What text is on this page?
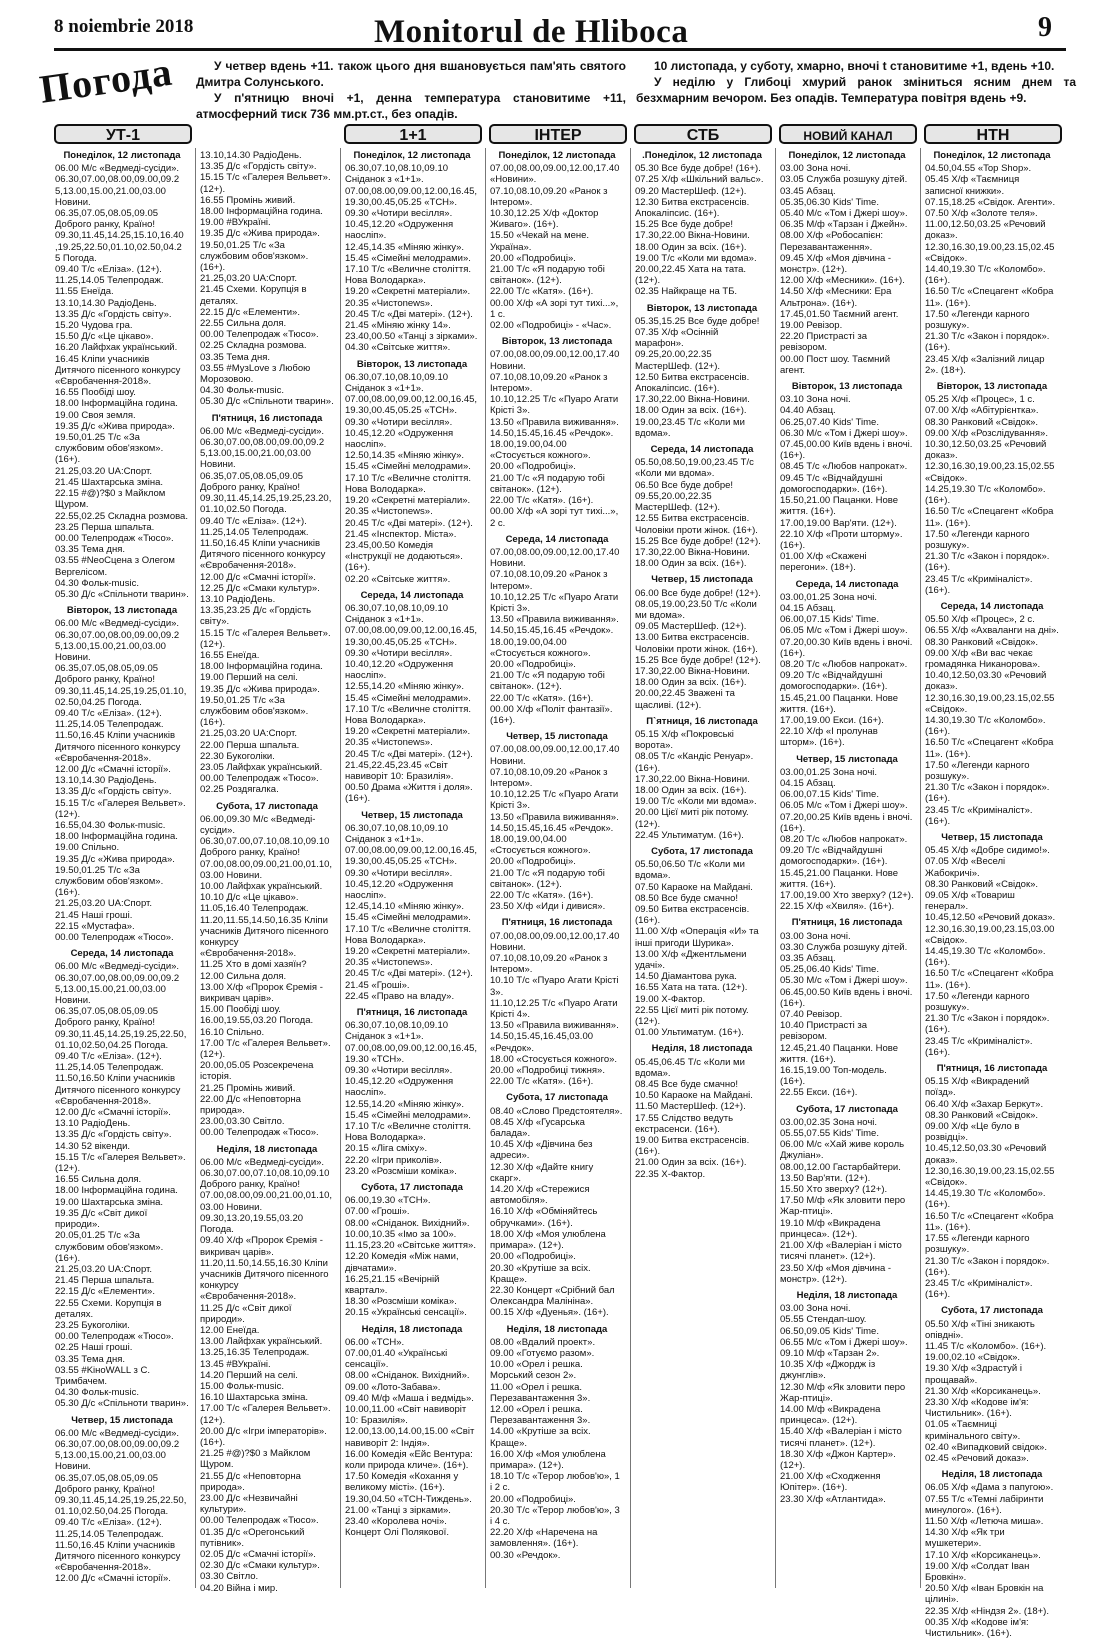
8 noiembrie 2018	Monitorul de Hliboca	9
Погода	У четвер вдень +11. також цього дня вшановується пам'ять святого Дмитра Солунського.

У п'ятницю вночі +1, денна температура становитиме +11, атмосферний тиск 736 мм.рт.ст., без опадів.

10 листопада, у суботу, хмарно, вночі t становитиме +1, вдень +10.

У неділю у Глибоці хмурий ранок зміниться ясним днем та безхмарним вечором. Без опадів. Температура повітря вдень +9.

УТ-1
Понеділок, 12 листопада

06.00 М/с «Ведмеді-сусіди».

06.30,07.00,08.00,09.00,09.2 5,13.00,15.00,21.00,03.00 Новини.

06.35,07.05,08.05,09.05 Доброго ранку, Країно!

09.30,11.45,14.25,15.10,16.40 ,19.25,22.50,01.10,02.50,04.2 5 Погода.

09.40 Т/с «Еліза». (12+).

11.25,14.05 Телепродаж.

11.55 Енеїда.

13.10,14.30 РадіоДень.

13.35 Д/с «Гордість світу».

15.20 Чудова гра.

15.50 Д/с «Це цікаво».

16.20 Лайфхак український.

16.45 Кліпи учасників Дитячого пісенного конкурсу «Євробачення-2018».

16.55 Пообіді шоу.

18.00 Інформаційна година.

19.00 Своя земля.

19.35 Д/с «Жива природа».

19.50,01.25 Т/с «За службовим обов'язком». (16+).

21.25,03.20 UA:Спорт.

21.45 Шахтарська зміна.

22.15 #@)?$0 з Майклом Щуром.

22.55,02.25 Складна розмова.

23.25 Перша шпальта.

00.00 Телепродаж «Тюсо».

03.35 Тема дня.

03.55 #NeoСцена з Олегом Вергелісом.

04.30 Фольк-music.

05.30 Д/с «Спільноти тварин».

Вівторок, 13 листопада

06.00 М/с «Ведмеді-сусіди».

06.30,07.00,08.00,09.00,09.2 5,13.00,15.00,21.00,03.00 Новини.

06.35,07.05,08.05,09.05 Доброго ранку, Країно!

09.30,11.45,14.25,19.25,01.10, 02.50,04.25 Погода.

09.40 Т/с «Еліза». (12+).

11.25,14.05 Телепродаж.

11.50,16.45 Кліпи учасників Дитячого пісенного конкурсу «Євробачення-2018».

12.00 Д/с «Смачні історії».

13.10,14.30 РадіоДень.

13.35 Д/с «Гордість світу».

15.15 Т/с «Галерея Вельвет». (12+).

16.55,04.30 Фольк-music.

18.00 Інформаційна година.

19.00 Спільно.

19.35 Д/с «Жива природа».

19.50,01.25 Т/с «За службовим обов'язком». (16+).

21.25,03.20 UA:Спорт.

21.45 Наші гроші.

22.15 «Мустафа».

00.00 Телепродаж «Тюсо».

Середа, 14 листопада

06.00 М/с «Ведмеді-сусіди».

06.30,07.00,08.00,09.00,09.2 5,13.00,15.00,21.00,03.00 Новини.

06.35,07.05,08.05,09.05 Доброго ранку, Країно!

09.30,11.45,14.25,19.25,22.50, 01.10,02.50,04.25 Погода.

09.40 Т/с «Еліза». (12+).

11.25,14.05 Телепродаж.

11.50,16.50 Кліпи учасників Дитячого пісенного конкурсу «Євробачення-2018».

12.00 Д/с «Смачні історії».

13.10 РадіоДень.

13.35 Д/с «Гордість світу».

14.30 52 вікенди.

15.15 Т/с «Галерея Вельвет». (12+).

16.55 Сильна доля.

18.00 Інформаційна година.

19.00 Шахтарська зміна.

19.35 Д/с «Світ дикої природи».

20.05,01.25 Т/с «За службовим обов'язком». (16+).

21.25,03.20 UA:Спорт.

21.45 Перша шпальта.

22.15 Д/с «Елементи».

22.55 Схеми. Корупція в деталях.

23.25 Букоголіки.

00.00 Телепродаж «Тюсо».

02.25 Наші гроші.

03.35 Тема дня.

03.55 #KiноWALL з С. Тримбачем.

04.30 Фольк-music.

05.30 Д/с «Спільноти тварин».

Четвер, 15 листопада

06.00 М/с «Ведмеді-сусіди».

06.30,07.00,08.00,09.00,09.2 5,13.00,15.00,21.00,03.00 Новини.

06.35,07.05,08.05,09.05 Доброго ранку, Країно!

09.30,11.45,14.25,19.25,22.50, 01.10,02.50,04.25 Погода.

09.40 Т/с «Еліза». (12+).

11.25,14.05 Телепродаж.

11.50,16.45 Кліпи учасників Дитячого пісенного конкурсу «Євробачення-2018».

12.00 Д/с «Смачні історії».

13.10,14.30 РадіоДень.

13.35 Д/с «Гордість світу».

15.15 Т/с «Галерея Вельвет». (12+).

16.55 Промінь живий.

18.00 Інформаційна година.

19.00 #ВУкраїні.

19.35 Д/с «Жива природа».

19.50,01.25 Т/с «За службовим обов'язком». (16+).

21.25,03.20 UA:Спорт.

21.45 Схеми. Корупція в деталях.

22.15 Д/с «Елементи».

22.55 Сильна доля.

00.00 Телепродаж «Тюсо».

02.25 Складна розмова.

03.35 Тема дня.

03.55 #МузLove з Любою Морозовою.

04.30 Фольк-music.

05.30 Д/с «Спільноти тварин».

П'ятниця, 16 листопада

06.00 М/с «Ведмеді-сусіди».

06.30,07.00,08.00,09.00,09.2 5,13.00,15.00,21.00,03.00 Новини.

06.35,07.05,08.05,09.05 Доброго ранку, Країно!

09.30,11.45,14.25,19.25,23.20, 01.10,02.50 Погода.

09.40 Т/с «Еліза». (12+).

11.25,14.05 Телепродаж.

11.50,16.45 Кліпи учасників Дитячого пісенного конкурсу «Євробачення-2018».

12.00 Д/с «Смачні історії».

12.25 Д/с «Смаки культур».

13.10 РадіоДень.

13.35,23.25 Д/с «Гордість світу».

15.15 Т/с «Галерея Вельвет». (12+).

16.55 Енеїда.

18.00 Інформаційна година.

19.00 Перший на селі.

19.35 Д/с «Жива природа».

19.50,01.25 Т/с «За службовим обов'язком». (16+).

21.25,03.20 UA:Спорт.

22.00 Перша шпальта.

22.30 Букоголіки.

23.05 Лайфхак український.

00.00 Телепродаж «Тюсо».

02.25 Роздягалка.

Субота, 17 листопада

06.00,09.30 М/с «Ведмеді-сусіди».

06.30,07.00,07.10,08.10,09.10 Доброго ранку, Країно!

07.00,08.00,09.00,21.00,01.10, 03.00 Новини.

10.00 Лайфхак український.

10.10 Д/с «Це цікаво».

11.05,16.40 Телепродаж.

11.20,11.55,14.50,16.35 Кліпи учасників Дитячого пісенного конкурсу «Євробачення-2018».

11.25 Хто в домі хазяїн?

12.00 Сильна доля.

13.00 Х/ф «Пророк Єремія - викривач царів».

15.00 Пообіді шоу.

16.00,19.55,03.20 Погода.

16.10 Спільно.

17.00 Т/с «Галерея Вельвет». (12+).

20.00,05.05 Розсекречена історія.

21.25 Промінь живий.

22.00 Д/с «Неповторна природа».

23.00,03.30 Світло.

00.00 Телепродаж «Тюсо».

Неділя, 18 листопада

06.00 М/с «Ведмеді-сусіди».

06.30,07.00,07.10,08.10,09.10 Доброго ранку, Країно!

07.00,08.00,09.00,21.00,01.10, 03.00 Новини.

09.30,13.20,19.55,03.20 Погода.

09.40 Х/ф «Пророк Єремія - викривач царів».

11.20,11.50,14.55,16.30 Кліпи учасників Дитячого пісенного конкурсу «Євробачення-2018».

11.25 Д/с «Світ дикої природи».

12.00 Енеїда.

13.00 Лайфхак український.

13.25,16.35 Телепродаж.

13.45 #ВУкраїні.

14.20 Перший на селі.

15.00 Фольк-music.

16.10 Шахтарська зміна.

17.00 Т/с «Галерея Вельвет». (12+).

20.00 Д/с «Ігри імператорів». (16+).

21.25 #@)?$0 з Майклом Щуром.

21.55 Д/с «Неповторна природа».

23.00 Д/с «Незвичайні культури».

00.00 Телепродаж «Тюсо».

01.35 Д/с «Орегонський путівник».

02.05 Д/с «Смачні історії».

02.30 Д/с «Смаки культур».

03.30 Світло.

04.20 Війна і мир.

1+1
Понеділок, 12 листопада

06.30,07.10,08.10,09.10 Сніданок з «1+1».

07.00,08.00,09.00,12.00,16.45, 19.30,00.45,05.25 «ТСН».

09.30 «Чотири весілля».

10.45,12.20 «Одруження наосліп».

12.45,14.35 «Міняю жінку».

15.45 «Сімейні мелодрами».

17.10 Т/с «Величне століття. Нова Володарка».

19.20 «Секретні матеріали».

20.35 «Чистоnews».

20.45 Т/с «Дві матері». (12+).

21.45 «Міняю жінку 14».

23.40,00.50 «Танці з зірками».

04.30 «Світське життя».

Вівторок, 13 листопада

06.30,07.10,08.10,09.10 Сніданок з «1+1».

07.00,08.00,09.00,12.00,16.45, 19.30,00.45,05.25 «ТСН».

09.30 «Чотири весілля».

10.45,12.20 «Одруження наосліп».

12.50,14.35 «Міняю жінку».

15.45 «Сімейні мелодрами».

17.10 Т/с «Величне століття. Нова Володарка».

19.20 «Секретні матеріали».

20.35 «Чистоnews».

20.45 Т/с «Дві матері». (12+).

21.45 «Інспектор. Міста».

23.45,00.50 Комедія «Інструкції не додаються». (16+).

02.20 «Світське життя».

Середа, 14 листопада

06.30,07.10,08.10,09.10 Сніданок з «1+1».

07.00,08.00,09.00,12.00,16.45, 19.30,00.45,05.25 «ТСН».

09.30 «Чотири весілля».

10.40,12.20 «Одруження наосліп».

12.55,14.20 «Міняю жінку».

15.45 «Сімейні мелодрами».

17.10 Т/с «Величне століття. Нова Володарка».

19.20 «Секретні матеріали».

20.35 «Чистоnews».

20.45 Т/с «Дві матері». (12+).

21.45,22.45,23.45 «Світ навиворіт 10: Бразилія».

00.50 Драма «Життя і доля». (16+).

Четвер, 15 листопада

06.30,07.10,08.10,09.10 Сніданок з «1+1».

07.00,08.00,09.00,12.00,16.45, 19.30,00.45,05.25 «ТСН».

09.30 «Чотири весілля».

10.45,12.20 «Одруження наосліп».

12.45,14.10 «Міняю жінку».

15.45 «Сімейні мелодрами».

17.10 Т/с «Величне століття. Нова Володарка».

19.20 «Секретні матеріали».

20.35 «Чистоnews».

20.45 Т/с «Дві матері». (12+).

21.45 «Гроші».

22.45 «Право на владу».

П'ятниця, 16 листопада

06.30,07.10,08.10,09.10 Сніданок з «1+1».

07.00,08.00,09.00,12.00,16.45, 19.30 «ТСН».

09.30 «Чотири весілля».

10.45,12.20 «Одруження наосліп».

12.55,14.20 «Міняю жінку».

15.45 «Сімейні мелодрами».

17.10 Т/с «Величне століття. Нова Володарка».

20.15 «Ліга сміху».

22.20 «Ігри приколів».

23.20 «Розсміши коміка».

Субота, 17 листопада

06.00,19.30 «ТСН».

07.00 «Гроші».

08.00 «Сніданок. Вихідний».

10.00,10.35 «Імо за 100».

11.15,23.20 «Світське життя».

12.20 Комедія «Між нами, дівчатами».

16.25,21.15 «Вечірній квартал».

18.30 «Розсміши коміка».

20.15 «Українські сенсації».

Неділя, 18 листопада

06.00 «ТСН».

07.00,01.40 «Українські сенсації».

08.00 «Сніданок. Вихідний».

09.00 «Лото-Забава».

09.40 М/ф «Маша і ведмідь».

10.00,11.00 «Світ навиворіт 10: Бразилія».

12.00,13.00,14.00,15.00 «Світ навиворіт 2: Індія».

16.00 Комедія «Ейс Вентура: коли природа кличе». (16+).

17.50 Комедія «Кохання у великому місті». (16+).

19.30,04.50 «ТСН-Тиждень».

21.00 «Танці з зірками».

23.40 «Королева ночі». Концерт Олі Полякової.

ІНТЕР
Понеділок, 12 листопада

07.00,08.00,09.00,12.00,17.40 «Новини».

07.10,08.10,09.20 «Ранок з Інтером».

10.30,12.25 Х/ф «Доктор Живаго». (16+).

15.50 «Чекай на мене. Україна».

20.00 «Подробиці».

21.00 Т/с «Я подарую тобі світанок». (12+).

22.00 Т/с «Катя». (16+).

00.00 Х/ф «А зорі тут тихі...», 1 с.

02.00 «Подробиці» - «Час».

Вівторок, 13 листопада

07.00,08.00,09.00,12.00,17.40 Новини.

07.10,08.10,09.20 «Ранок з Інтером».

10.10,12.25 Т/с «Пуаро Агати Крісті 3».

13.50 «Правила виживання».

14.50,15.45,16.45 «Речдок».

18.00,19.00,04.00 «Стосується кожного».

20.00 «Подробиці».

21.00 Т/с «Я подарую тобі світанок». (12+).

22.00 Т/с «Катя». (16+).

00.00 Х/ф «А зорі тут тихі...», 2 с.

Середа, 14 листопада

07.00,08.00,09.00,12.00,17.40 Новини.

07.10,08.10,09.20 «Ранок з Інтером».

10.10,12.25 Т/с «Пуаро Агати Крісті 3».

13.50 «Правила виживання».

14.50,15.45,16.45 «Речдок».

18.00,19.00,04.00 «Стосується кожного».

20.00 «Подробиці».

21.00 Т/с «Я подарую тобі світанок». (12+).

22.00 Т/с «Катя». (16+).

00.00 Х/ф «Політ фантазії». (16+).

Четвер, 15 листопада

07.00,08.00,09.00,12.00,17.40 Новини.

07.10,08.10,09.20 «Ранок з Інтером».

10.10,12.25 Т/с «Пуаро Агати Крісті 3».

13.50 «Правила виживання».

14.50,15.45,16.45 «Речдок».

18.00,19.00,04.00 «Стосується кожного».

20.00 «Подробиці».

21.00 Т/с «Я подарую тобі світанок». (12+).

22.00 Т/с «Катя». (16+).

23.50 Х/ф «Иди і дивися».

П'ятниця, 16 листопада

07.00,08.00,09.00,12.00,17.40 Новини.

07.10,08.10,09.20 «Ранок з Інтером».

10.10 Т/с «Пуаро Агати Крісті 3».

11.10,12.25 Т/с «Пуаро Агати Крісті 4».

13.50 «Правила виживання».

14.50,15.45,16.45,03.00 «Речдок».

18.00 «Стосується кожного».

20.00 «Подробиці тижня».

22.00 Т/с «Катя». (16+).

Субота, 17 листопада

08.40 «Слово Предстоятеля».

08.45 Х/ф «Гусарська балада».

10.45 Х/ф «Дівчина без адреси».

12.30 Х/ф «Дайте книгу скарг».

14.20 Х/ф «Стережися автомобіля».

16.10 Х/ф «Обміняйтесь обручками». (16+).

18.00 Х/ф «Моя улюблена примара». (12+).

20.00 «Подробиці».

20.30 «Крутіше за всіх. Краще».

22.30 Концерт «Срібний бал Олександра Малініна».

00.15 Х/ф «Дуенья». (16+).

Неділя, 18 листопада

08.00 «Вдалий проект».

09.00 «Готуємо разом».

10.00 «Орел і решка. Морський сезон 2».

11.00 «Орел і решка. Перезавантаження 3».

12.00 «Орел і решка. Перезавантаження 3».

14.00 «Крутіше за всіх. Краще».

16.00 Х/ф «Моя улюблена примара». (12+).

18.10 Т/с «Терор любов'ю», 1 і 2 с.

20.00 «Подробиці».

20.30 Т/с «Терор любов'ю», 3 і 4 с.

22.20 Х/ф «Наречена на замовлення». (16+).

00.30 «Речдок».

СТБ
.Понеділок, 12 листопада

05.30 Все буде добре! (16+).

07.25 Х/ф «Шкільний вальс».

09.20 МастерШеф. (12+).

12.30 Битва екстрасенсів. Апокаліпсис. (16+).

15.25 Все буде добре!

17.30,22.00 Вікна-Новини.

18.00 Один за всіх. (16+).

19.00 Т/с «Коли ми вдома».

20.00,22.45 Хата на тата. (12+).

02.35 Найкраще на ТБ.

Вівторок, 13 листопада

05.35,15.25 Все буде добре!

07.35 Х/ф «Осінній марафон».

09.25,20.00,22.35 МастерШеф. (12+).

12.50 Битва екстрасенсів. Апокаліпсис. (16+).

17.30,22.00 Вікна-Новини.

18.00 Один за всіх. (16+).

19.00,23.45 Т/с «Коли ми вдома».

Середа, 14 листопада

05.50,08.50,19.00,23.45 Т/с «Коли ми вдома».

06.50 Все буде добре!

09.55,20.00,22.35 МастерШеф. (12+).

12.55 Битва екстрасенсів. Чоловіки проти жінок. (16+).

15.25 Все буде добре! (12+).

17.30,22.00 Вікна-Новини.

18.00 Один за всіх. (16+).

Четвер, 15 листопада

06.00 Все буде добре! (12+).

08.05,19.00,23.50 Т/с «Коли ми вдома».

09.05 МастерШеф. (12+).

13.00 Битва екстрасенсів. Чоловіки проти жінок. (16+).

15.25 Все буде добре! (12+).

17.30,22.00 Вікна-Новини.

18.00 Один за всіх. (16+).

20.00,22.45 Зважені та щасливі. (12+).

П`ятниця, 16 листопада

05.15 Х/ф «Покровські ворота».

08.05 Т/с «Кандіс Ренуар». (16+).

17.30,22.00 Вікна-Новини.

18.00 Один за всіх. (16+).

19.00 Т/с «Коли ми вдома».

20.00 Цієї миті рік потому. (12+).

22.45 Ультиматум. (16+).

Субота, 17 листопада

05.50,06.50 Т/с «Коли ми вдома».

07.50 Караоке на Майдані.

08.50 Все буде смачно!

09.50 Битва екстрасенсів. (16+).

11.00 Х/ф «Операція «И» та інші пригоди Шурика».

13.00 Х/ф «Джентльмени удачі».

14.50 Діамантова рука.

16.55 Хата на тата. (12+).

19.00 Х-Фактор.

22.55 Цієї миті рік потому. (12+).

01.00 Ультиматум. (16+).

Неділя, 18 листопада

05.45,06.45 Т/с «Коли ми вдома».

08.45 Все буде смачно!

10.50 Караоке на Майдані.

11.50 МастерШеф. (12+).

17.55 Слідство ведуть екстрасенси. (16+).

19.00 Битва екстрасенсів. (16+).

21.00 Один за всіх. (16+).

22.35 Х-Фактор.

НОВИЙ КАНАЛ
Понеділок, 12 листопада

03.00 Зона ночі.

03.05 Служба розшуку дітей.

03.45 Абзац.

05.35,06.30 Kids' Time.

05.40 М/с «Том і Джері шоу».

06.35 М/ф «Тарзан і Джейн».

08.00 Х/ф «Робосапієн: Перезавантаження».

09.45 Х/ф «Моя дівчина - монстр». (12+).

12.00 Х/ф «Месники». (16+).

14.50 Х/ф «Месники: Ера Альтрона». (16+).

17.45,01.50 Таємний агент.

19.00 Ревізор.

22.20 Пристрасті за ревізором.

00.00 Пост шоу. Таємний агент.

Вівторок, 13 листопада

03.10 Зона ночі.

04.40 Абзац.

06.25,07.40 Kids' Time.

06.30 М/с «Том і Джері шоу».

07.45,00.00 Київ вдень і вночі. (16+).

08.45 Т/с «Любов напрокат».

09.45 Т/с «Відчайдушні домогосподарки». (16+).

15.50,21.00 Пацанки. Нове життя. (16+).

17.00,19.00 Вар'яти. (12+).

22.10 Х/ф «Проти шторму». (16+).

01.00 Х/ф «Скажені перегони». (18+).

Середа, 14 листопада

03.00,01.25 Зона ночі.

04.15 Абзац.

06.00,07.15 Kids' Time.

06.05 М/с «Том і Джері шоу».

07.20,00.30 Київ вдень і вночі. (16+).

08.20 Т/с «Любов напрокат».

09.20 Т/с «Відчайдушні домогосподарки». (16+).

15.45,21.00 Пацанки. Нове життя. (16+).

17.00,19.00 Екси. (16+).

22.10 Х/ф «І пролунав шторм». (16+).

Четвер, 15 листопада

03.00,01.25 Зона ночі.

04.15 Абзац.

06.00,07.15 Kids' Time.

06.05 М/с «Том і Джері шоу».

07.20,00.25 Київ вдень і вночі. (16+).

08.20 Т/с «Любов напрокат».

09.20 Т/с «Відчайдушні домогосподарки». (16+).

15.45,21.00 Пацанки. Нове життя. (16+).

17.00,19.00 Хто зверху? (12+).

22.15 Х/ф «Хвиля». (16+).

П'ятниця, 16 листопада

03.00 Зона ночі.

03.30 Служба розшуку дітей.

03.35 Абзац.

05.25,06.40 Kids' Time.

05.30 М/с «Том і Джері шоу».

06.45,00.50 Київ вдень і вночі. (16+).

07.40 Ревізор.

10.40 Пристрасті за ревізором.

12.45,21.40 Пацанки. Нове життя. (16+).

16.15,19.00 Топ-модель. (16+).

22.55 Екси. (16+).

Субота, 17 листопада

03.00,02.35 Зона ночі.

05.55,07.55 Kids' Time.

06.00 М/с «Хай живе король Джуліан».

08.00,12.00 Гастарбайтери.

13.50 Вар'яти. (12+).

15.50 Хто зверху? (12+).

17.50 М/ф «Як зловити перо Жар-птиці».

19.10 М/ф «Викрадена принцеса». (12+).

21.00 Х/ф «Валеріан і місто тисячі планет». (12+).

23.50 Х/ф «Моя дівчина - монстр». (12+).

Неділя, 18 листопада

03.00 Зона ночі.

05.55 Стендап-шоу.

06.50,09.05 Kids' Time.

06.55 М/с «Том і Джері шоу».

09.10 М/ф «Тарзан 2».

10.35 Х/ф «Джордж із джунглів».

12.30 М/ф «Як зловити перо Жар-птиці».

14.00 М/ф «Викрадена принцеса». (12+).

15.40 Х/ф «Валеріан і місто тисячі планет». (12+).

18.30 Х/ф «Джон Картер». (12+).

21.00 Х/ф «Сходження Юпітер». (16+).

23.30 Х/ф «Атлантида».

НТН
Понеділок, 12 листопада

04.50,04.55 «Top Shop».

05.45 Х/ф «Таємниця записної книжки».

07.15,18.25 «Свідок. Агенти».

07.50 Х/ф «Золоте теля».

11.00,12.50,03.25 «Речовий доказ».

12.30,16.30,19.00,23.15,02.45 «Свідок».

14.40,19.30 Т/с «Коломбо». (16+).

16.50 Т/с «Спецагент «Кобра 11». (16+).

17.50 «Легенди карного розшуку».

21.30 Т/с «Закон і порядок». (16+).

23.45 Х/ф «Залізний лицар 2». (18+).

Вівторок, 13 листопада

05.25 Х/ф «Процес», 1 с.

07.00 Х/ф «Абітурієнтка».

08.30 Ранковий «Свідок».

09.00 Х/ф «Розслідування».

10.30,12.50,03.25 «Речовий доказ».

12.30,16.30,19.00,23.15,02.55 «Свідок».

14.25,19.30 Т/с «Коломбо». (16+).

16.50 Т/с «Спецагент «Кобра 11». (16+).

17.50 «Легенди карного розшуку».

21.30 Т/с «Закон і порядок». (16+).

23.45 Т/с «Криміналіст». (16+).

Середа, 14 листопада

05.50 Х/ф «Процес», 2 с.

06.55 Х/ф «Ахваланги на дні».

08.30 Ранковий «Свідок».

09.00 Х/ф «Ви вас чекає громадянка Никанорова».

10.40,12.50,03.30 «Речовий доказ».

12.30,16.30,19.00,23.15,02.55 «Свідок».

14.30,19.30 Т/с «Коломбо». (16+).

16.50 Т/с «Спецагент «Кобра 11». (16+).

17.50 «Легенди карного розшуку».

21.30 Т/с «Закон і порядок». (16+).

23.45 Т/с «Криміналіст». (16+).

Четвер, 15 листопада

05.45 Х/ф «Добре сидимо!».

07.05 Х/ф «Веселі Жабокричі».

08.30 Ранковий «Свідок».

09.05 Х/ф «Товариш генерал».

10.45,12.50 «Речовий доказ».

12.30,16.30,19.00,23.15,03.00 «Свідок».

14.45,19.30 Т/с «Коломбо». (16+).

16.50 Т/с «Спецагент «Кобра 11». (16+).

17.50 «Легенди карного розшуку».

21.30 Т/с «Закон і порядок». (16+).

23.45 Т/с «Криміналіст». (16+).

П'ятниця, 16 листопада

05.15 Х/ф «Викрадений поїзд».

06.40 Х/ф «Захар Беркут».

08.30 Ранковий «Свідок».

09.00 Х/ф «Це було в розвідці».

10.45,12.50,03.30 «Речовий доказ».

12.30,16.30,19.00,23.15,02.55 «Свідок».

14.45,19.30 Т/с «Коломбо». (16+).

16.50 Т/с «Спецагент «Кобра 11». (16+).

17.55 «Легенди карного розшуку».

21.30 Т/с «Закон і порядок». (16+).

23.45 Т/с «Криміналіст». (16+).

Субота, 17 листопада

05.50 Х/ф «Тіні зникають опівдні».

11.45 Т/с «Коломбо». (16+).

19.00,02.10 «Свідок».

19.30 Х/ф «Здрастуй і прощавай».

21.30 Х/ф «Корсиканець».

23.30 Х/ф «Кодове ім'я: Чистильник». (16+).

01.05 «Таємниці кримінального світу».

02.40 «Випадковий свідок».

02.45 «Речовий доказ».

Неділя, 18 листопада

06.05 Х/ф «Дама з папугою».

07.55 Т/с «Темні лабіринти минулого». (16+).

11.50 Х/ф «Летюча миша».

14.30 Х/ф «Як три мушкетери».

17.10 Х/ф «Корсиканець».

19.00 Х/ф «Солдат Іван Бровкін».

20.50 Х/ф «Іван Бровкін на цілині».

22.35 Х/ф «Ніндзя 2». (18+).

00.35 Х/ф «Кодове ім'я: Чистильник». (16+).
